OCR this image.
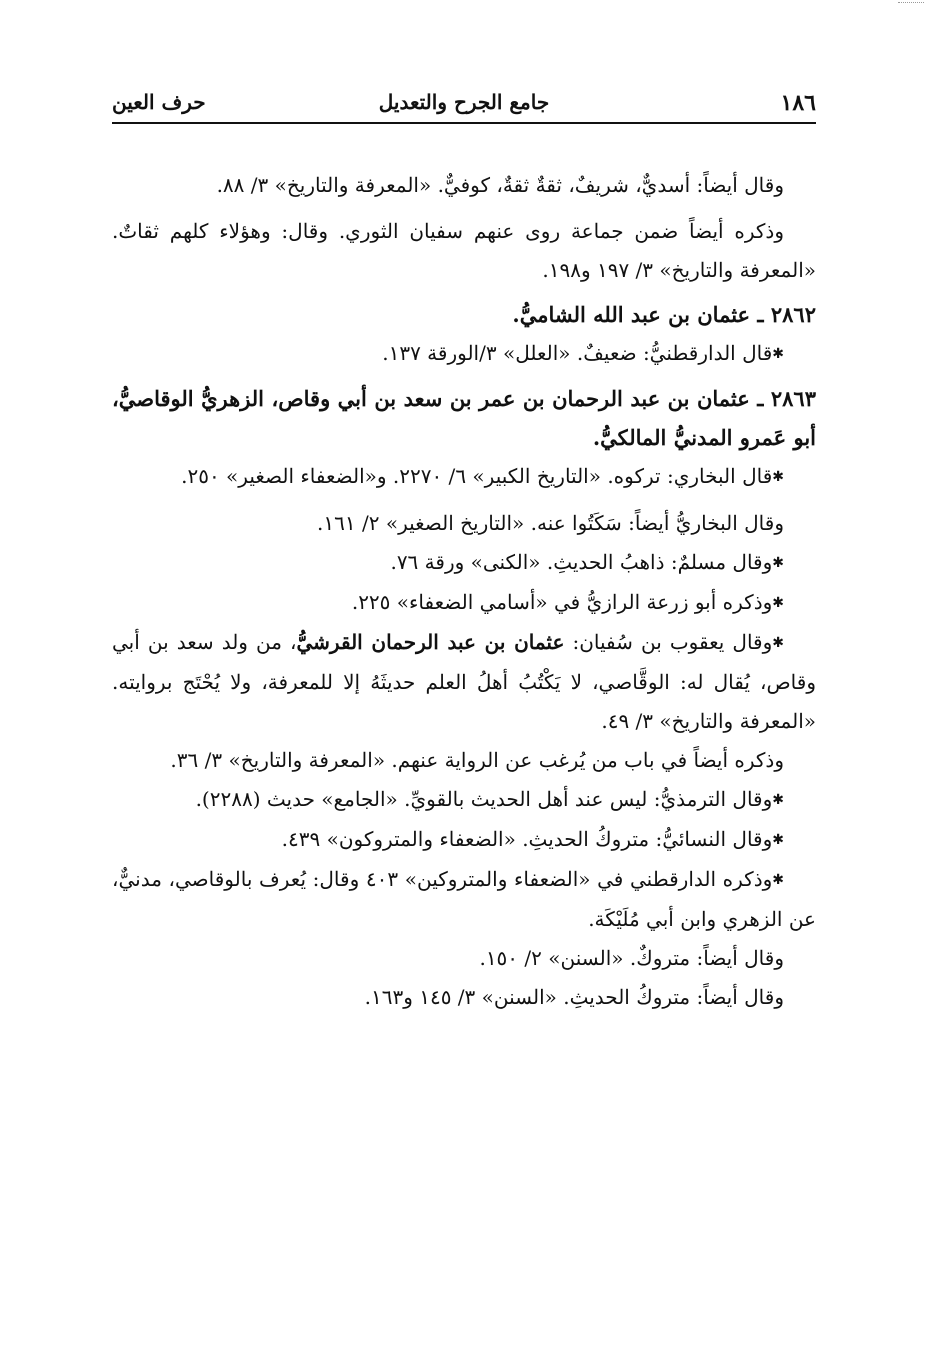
١٨٦
جامع الجرح والتعديل
حرف العين

وقال أيضاً: أسديٌّ، شريفٌ، ثقةٌ ثقةٌ، كوفيٌّ. «المعرفة والتاريخ» ٣/ ٨٨.

وذكره أيضاً ضمن جماعة روى عنهم سفيان الثوري. وقال: وهؤلاء كلهم ثقاتٌ. «المعرفة والتاريخ» ٣/ ١٩٧ و١٩٨.

٢٨٦٢ ـ عثمان بن عبد الله الشاميُّ.

✱ قال الدارقطنيُّ: ضعيفٌ. «العلل» ٣/الورقة ١٣٧.

٢٨٦٣ ـ عثمان بن عبد الرحمان بن عمر بن سعد بن أبي وقاص، الزهريُّ الوقاصيُّ، أبو عَمرو المدنيُّ المالكيُّ.

✱ قال البخاري: تركوه. «التاريخ الكبير» ٦/ ٢٢٧٠. و«الضعفاء الصغير» ٢٥٠.

وقال البخاريُّ أيضاً: سَكَتُوا عنه. «التاريخ الصغير» ٢/ ١٦١.

✱ وقال مسلمٌ: ذاهبُ الحديثِ. «الكنى» ورقة ٧٦.

✱ وذكره أبو زرعة الرازيُّ في «أسامي الضعفاء» ٢٢٥.

✱ وقال يعقوب بن سُفيان: عثمان بن عبد الرحمان القرشيُّ، من ولد سعد بن أبي وقاص، يُقال له: الوقَّاصي، لا يَكْتُبُ أهلُ العلم حديثَهُ إلا للمعرفة، ولا يُحْتَج بروايته. «المعرفة والتاريخ» ٣/ ٤٩.

وذكره أيضاً في باب من يُرغب عن الرواية عنهم. «المعرفة والتاريخ» ٣/ ٣٦.

✱ وقال الترمذيُّ: ليس عند أهل الحديث بالقويِّ. «الجامع» حديث (٢٢٨٨).

✱ وقال النسائيُّ: متروكُ الحديثِ. «الضعفاء والمتروكون» ٤٣٩.

✱ وذكره الدارقطني في «الضعفاء والمتروكين» ٤٠٣ وقال: يُعرف بالوقاصي، مدنيٌّ، عن الزهري وابن أبي مُلَيْكَة.

وقال أيضاً: متروكٌ. «السنن» ٢/ ١٥٠.

وقال أيضاً: متروكُ الحديثِ. «السنن» ٣/ ١٤٥ و١٦٣.
